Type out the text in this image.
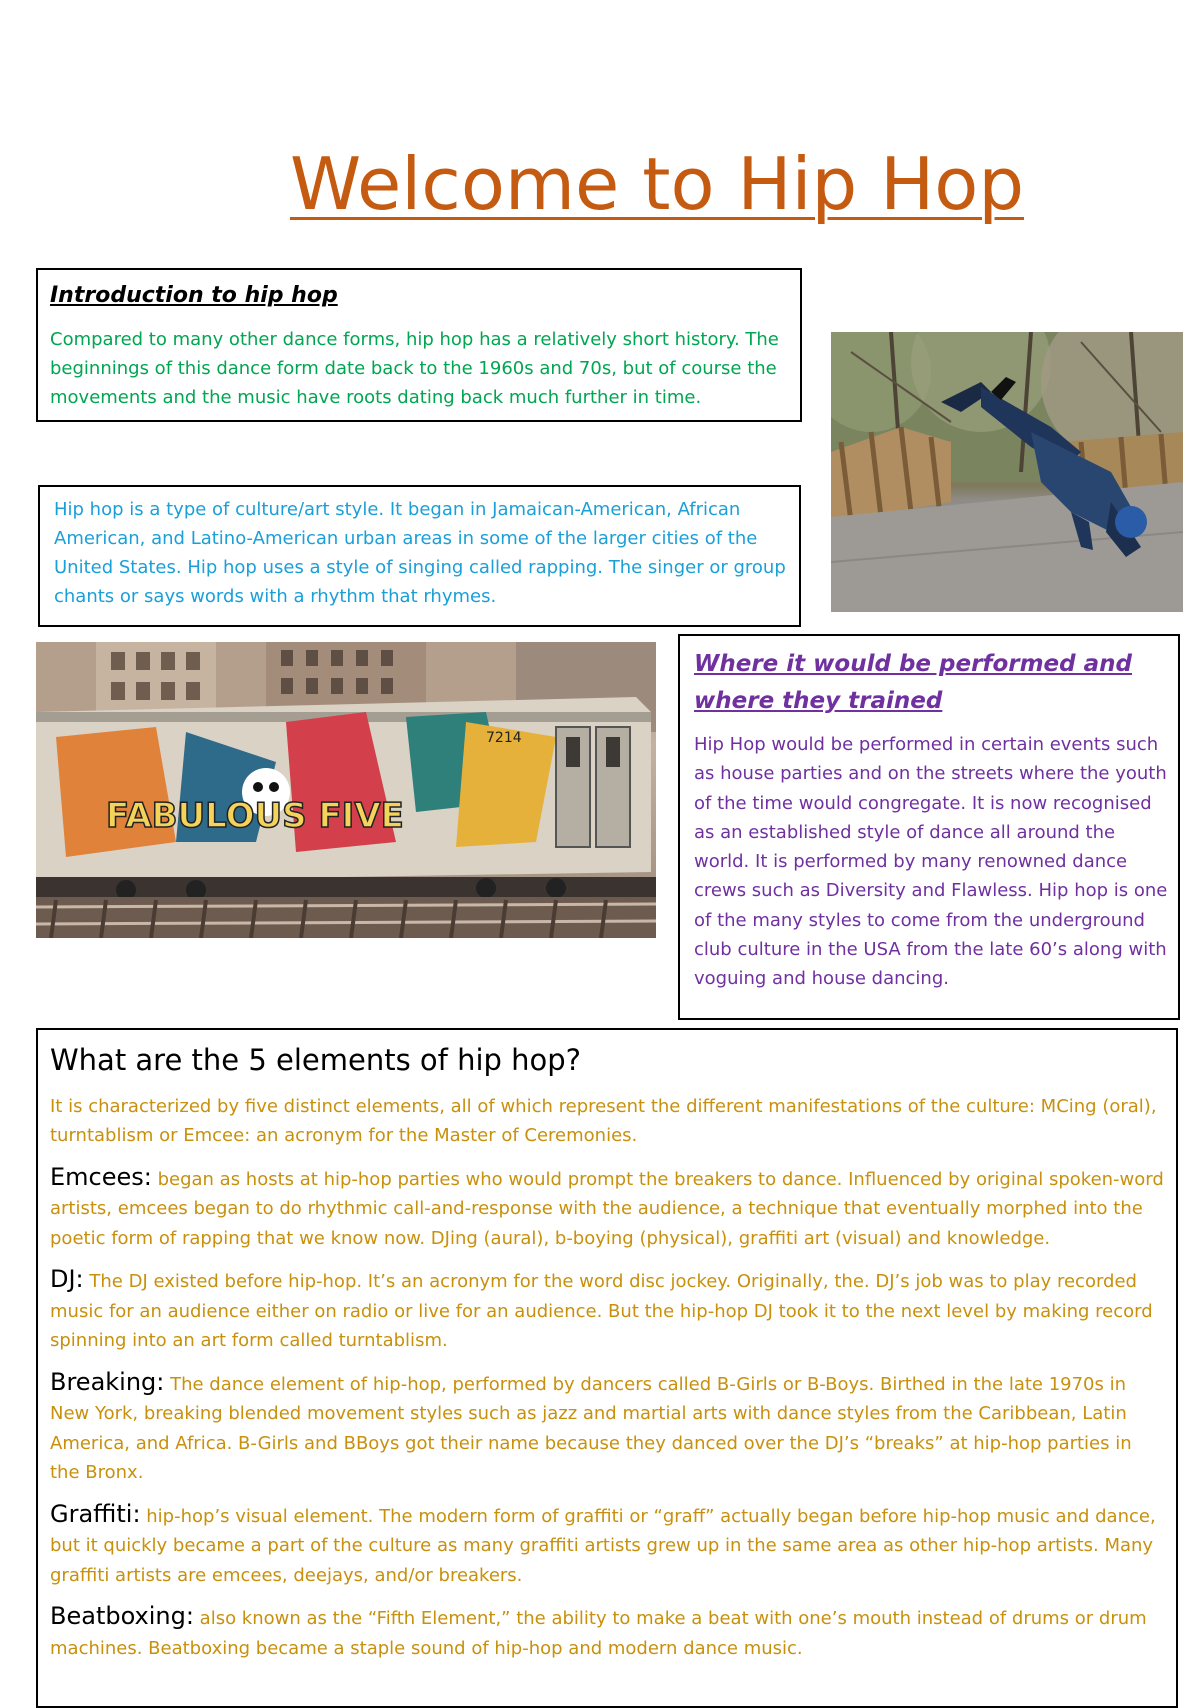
Welcome to Hip Hop
Introduction to hip hop
Compared to many other dance forms, hip hop has a relatively short history. The beginnings of this dance form date back to the 1960s and 70s, but of course the movements and the music have roots dating back much further in time.
Hip hop is a type of culture/art style. It began in Jamaican-American, African American, and Latino-American urban areas in some of the larger cities of the United States. Hip hop uses a style of singing called rapping. The singer or group chants or says words with a rhythm that rhymes.
FABULOUS FIVE
7214
Where it would be performed and where they trained
Hip Hop would be performed in certain events such as house parties and on the streets where the youth of the time would congregate. It is now recognised as an established style of dance all around the world. It is performed by many renowned dance crews such as Diversity and Flawless. Hip hop is one of the many styles to come from the underground club culture in the USA from the late 60’s along with voguing and house dancing.
What are the 5 elements of hip hop?

It is characterized by five distinct elements, all of which represent the different manifestations of the culture: MCing (oral), turntablism or Emcee: an acronym for the Master of Ceremonies.

Emcees: began as hosts at hip-hop parties who would prompt the breakers to dance. Influenced by original spoken-word artists, emcees began to do rhythmic call-and-response with the audience, a technique that eventually morphed into the poetic form of rapping that we know now. DJing (aural), b-boying (physical), graffiti art (visual) and knowledge.

DJ: The DJ existed before hip-hop. It’s an acronym for the word disc jockey. Originally, the. DJ’s job was to play recorded music for an audience either on radio or live for an audience. But the hip-hop DJ took it to the next level by making record spinning into an art form called turntablism.

Breaking: The dance element of hip-hop, performed by dancers called B-Girls or B-Boys. Birthed in the late 1970s in New York, breaking blended movement styles such as jazz and martial arts with dance styles from the Caribbean, Latin America, and Africa. B-Girls and BBoys got their name because they danced over the DJ’s “breaks” at hip-hop parties in the Bronx.

Graffiti: hip-hop’s visual element. The modern form of graffiti or “graff” actually began before hip-hop music and dance, but it quickly became a part of the culture as many graffiti artists grew up in the same area as other hip-hop artists. Many graffiti artists are emcees, deejays, and/or breakers.

Beatboxing: also known as the “Fifth Element,” the ability to make a beat with one’s mouth instead of drums or drum machines. Beatboxing became a staple sound of hip-hop and modern dance music.
